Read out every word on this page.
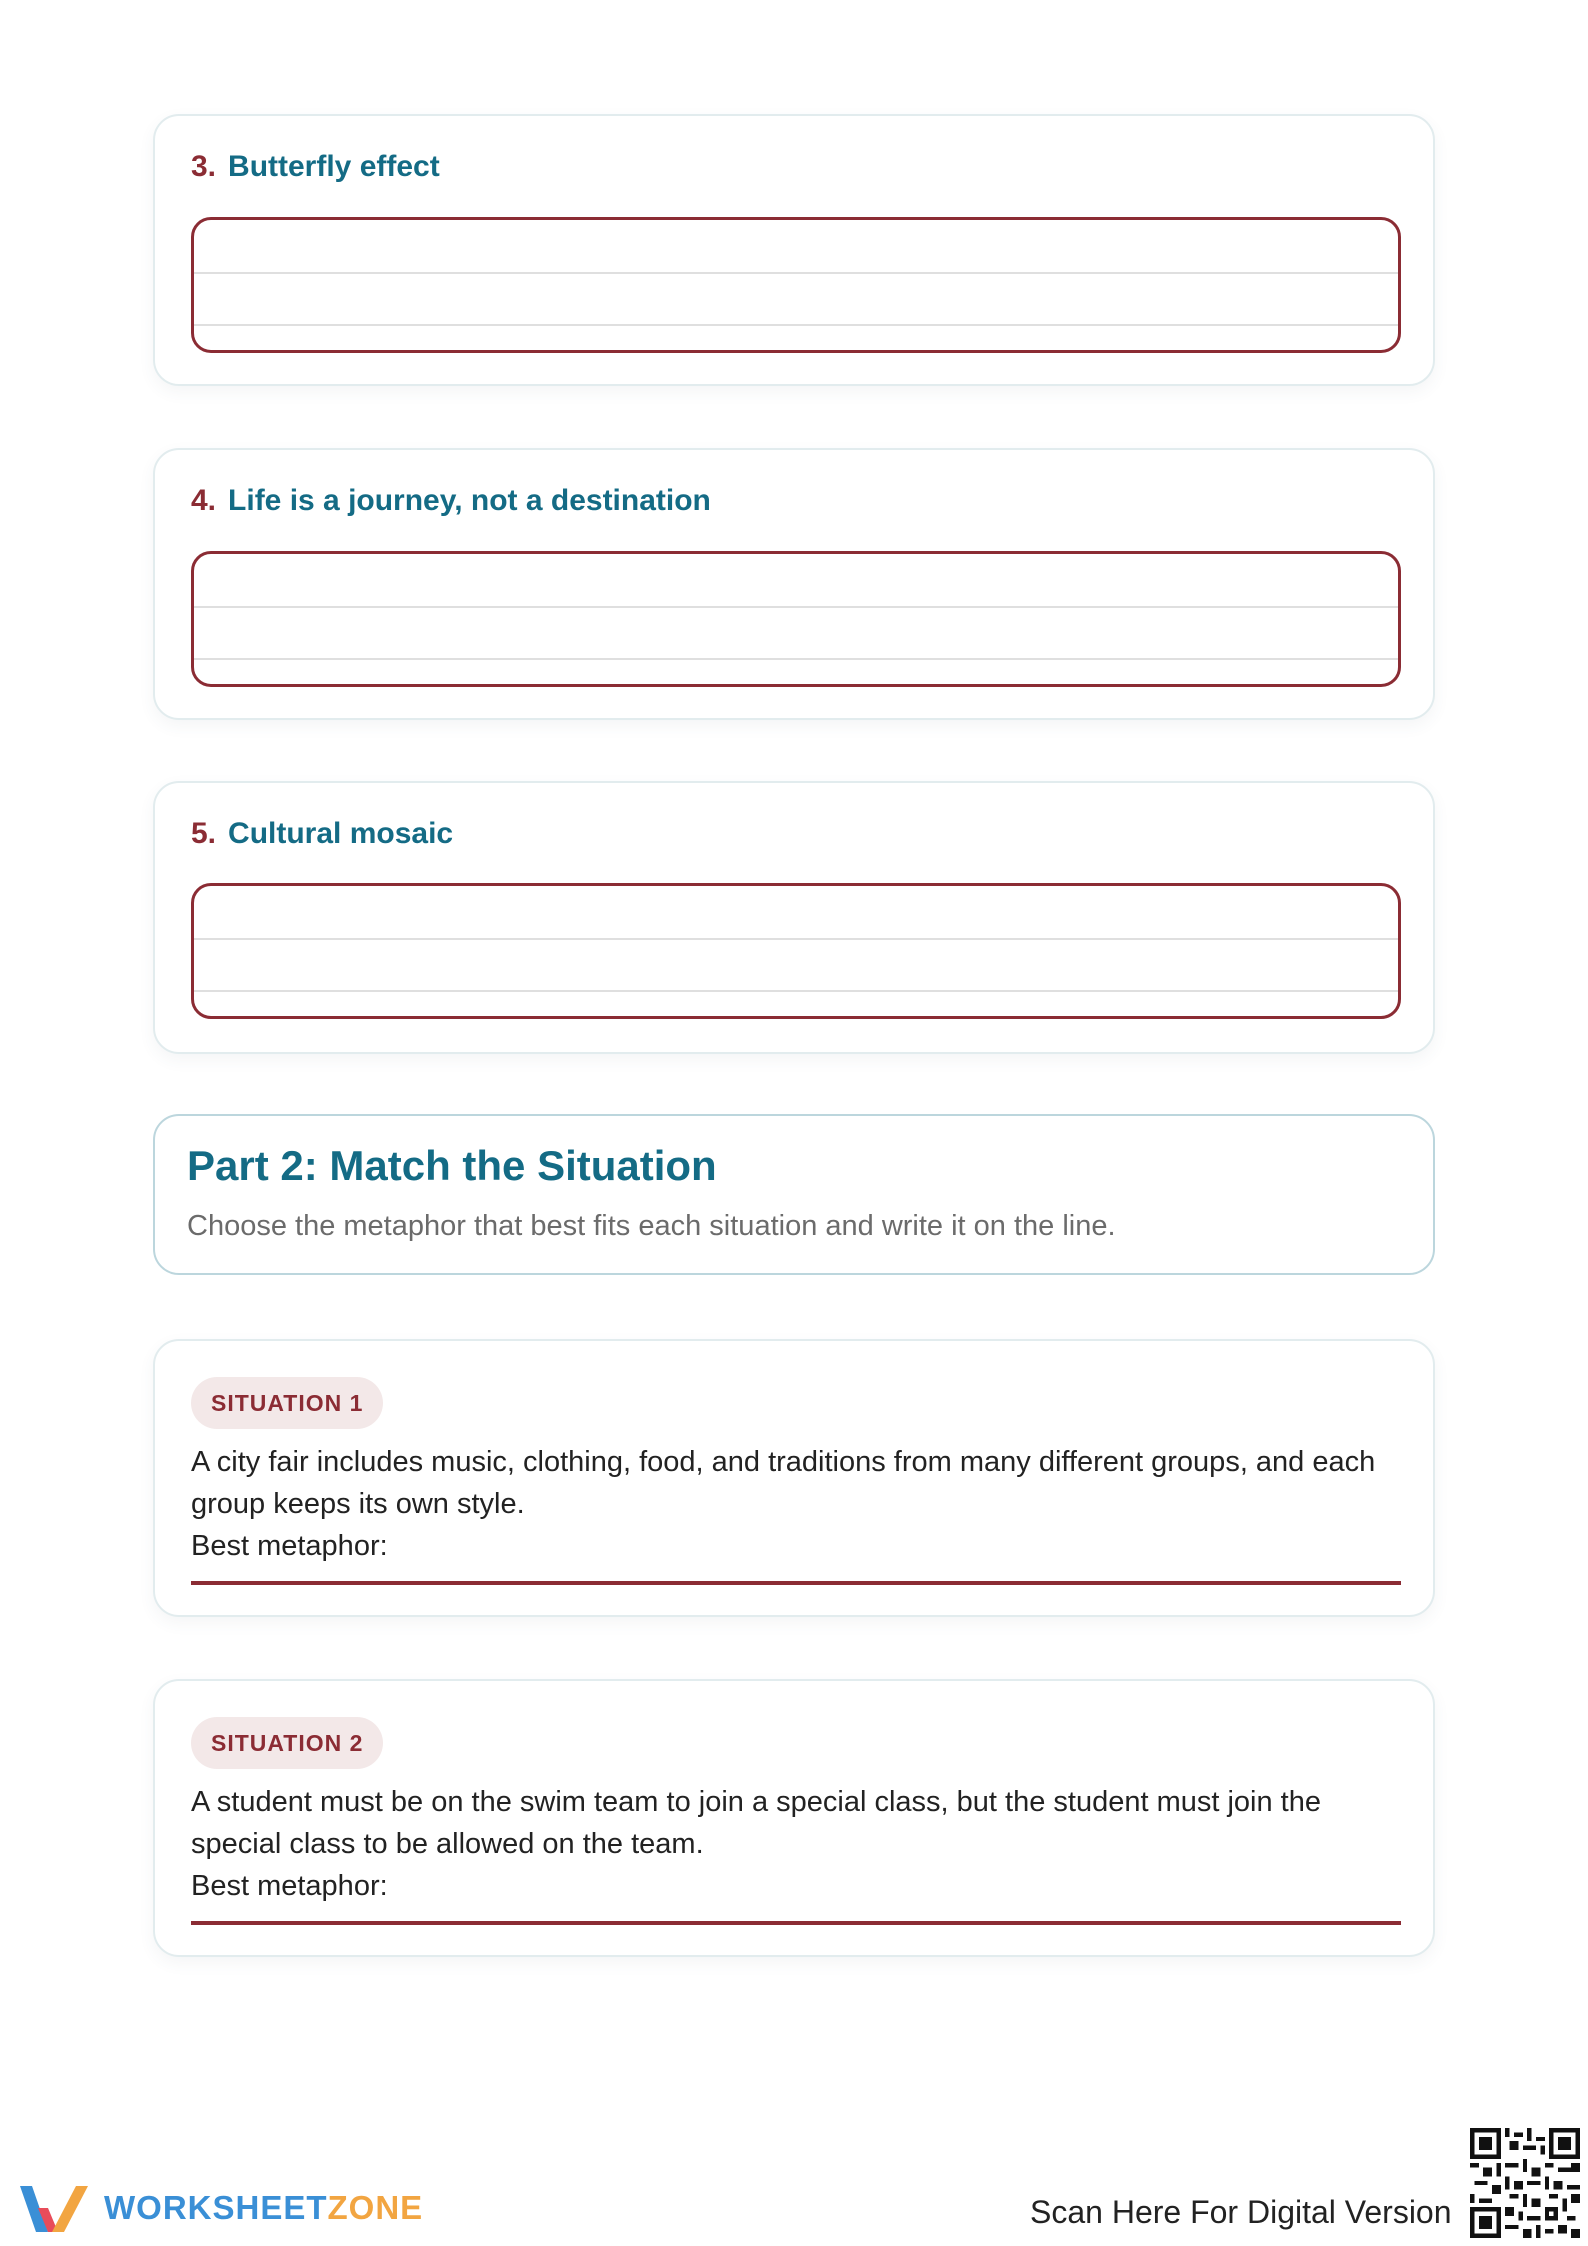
3. Butterfly effect
4. Life is a journey, not a destination
5. Cultural mosaic
Part 2: Match the Situation
Choose the metaphor that best fits each situation and write it on the line.
SITUATION 1
A city fair includes music, clothing, food, and traditions from many different groups, and each group keeps its own style.
Best metaphor:
SITUATION 2
A student must be on the swim team to join a special class, but the student must join the special class to be allowed on the team.
Best metaphor:
WORKSHEETZONE	Scan Here For Digital Version
